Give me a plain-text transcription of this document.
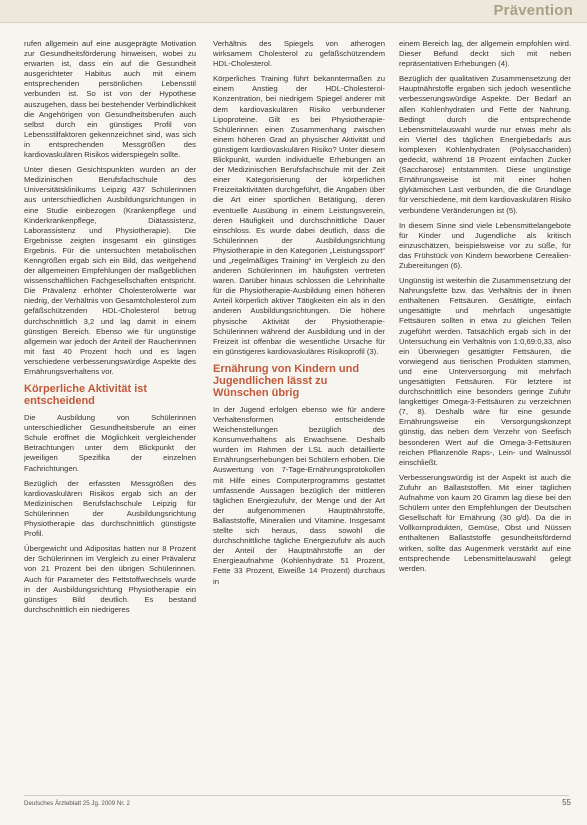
Prävention

rufen allgemein auf eine ausgeprägte Motivation zur Gesundheitsförderung hinweisen, wobei zu erwarten ist, dass ein auf die Gesundheit ausgerichteter Habitus auch mit einem entsprechenden persönlichen Lebensstil verbunden ist. So ist von der Hypothese auszugehen, dass bei bestehender Verbindlichkeit die Angehörigen von Gesundheitsberufen auch selbst durch ein günstiges Profil von Lebensstilfaktoren gekennzeichnet sind, was sich in entsprechenden Messgrößen des kardiovaskulären Risikos widerspiegeln sollte.

Unter diesen Gesichtspunkten wurden an der Medizinischen Berufsfachschule des Universitätsklinikums Leipzig 437 Schülerinnen aus unterschiedlichen Ausbildungsrichtungen in eine Studie einbezogen (Krankenpflege und Kinderkrankenpflege, Diätassistenz, Laborassistenz und Physiotherapie). Die Ergebnisse zeigten insgesamt ein günstiges Ergebnis. Für die untersuchten metabolischen Kenngrößen ergab sich ein Bild, das weitgehend der allgemeinen Empfehlungen der maßgeblichen wissenschaftlichen Fachgesellschaften entspricht. Die Prävalenz erhöhter Cholesterolwerte war niedrig, der Verhältnis von Gesamtcholesterol zum gefäßschützenden HDL-Cholesterol betrug durchschnittlich 3,2 und lag damit in einem günstigen Bereich. Ebenso wie für ungünstige allgemein war jedoch der Anteil der Raucherinnen mit fast 40 Prozent hoch und es lagen verschiedene verbesserungswürdige Aspekte des Ernährungsverhaltens vor.

Körperliche Aktivität ist entscheidend

Die Ausbildung von Schülerinnen unterschiedlicher Gesundheitsberufe an einer Schule eröffnet die Möglichkeit vergleichender Betrachtungen unter dem Blickpunkt der jeweiligen Spezifika der einzelnen Fachrichtungen.

Bezüglich der erfassten Messgrößen des kardiovaskulären Risikos ergab sich an der Medizinischen Berufsfachschule Leipzig für Schülerinnen der Ausbildungsrichtung Physiotherapie das durchschnittlich günstigste Profil.

Übergewicht und Adipositas hatten nur 8 Prozent der Schülerinnen im Vergleich zu einer Prävalenz von 21 Prozent bei den übrigen Schülerinnen. Auch für Parameter des Fettstoffwechsels wurde in der Ausbildungsrichtung Physiotherapie ein günstiges Bild deutlich. Es bestand durchschnittlich ein niedrigeres

Verhältnis des Spiegels von atherogen wirksamem Cholesterol zu gefäßschützendem HDL-Cholesterol.

Körperliches Training führt bekanntermaßen zu einem Anstieg der HDL-Cholesterol-Konzentration, bei niedrigem Spiegel anderer mit dem kardiovaskulären Risiko verbundener Lipoproteine. Gilt es bei Physiotherapie-Schülerinnen einen Zusammenhang zwischen einem höheren Grad an physischer Aktivität und günstigem kardiovaskulären Risiko? Unter diesem Blickpunkt, wurden individuelle Erhebungen an der Medizinischen Berufsfachschule mit der Zeit einer Kategorisierung der körperlichen Freizeitaktivitäten durchgeführt, die Angaben über die Art einer sportlichen Betätigung, deren eventuelle Ausübung in einem Leistungsverein, deren Häufigkeit und durchschnittliche Dauer einschloss. Es wurde dabei deutlich, dass die Schülerinnen der Ausbildungsrichtung Physiotherapie in den Kategorien „Leistungssport“ und „regelmäßiges Training“ im Vergleich zu den anderen Schülerinnen im häufigsten vertreten waren. Darüber hinaus schlossen die Lehrinhalte für die Physiotherapie-Ausbildung einen höheren Anteil körperlich aktiver Tätigkeiten ein als in den anderen Ausbildungsrichtungen. Die höhere physische Aktivität der Physiotherapie-Schülerinnen während der Ausbildung und in der Freizeit ist offenbar die wesentliche Ursache für ein günstigeres kardiovaskuläres Risikoprofil (3).

Ernährung von Kindern und Jugendlichen lässt zu Wünschen übrig

In der Jugend erfolgen ebenso wie für andere Verhaltensformen entscheidende Weichenstellungen bezüglich des Konsumverhaltens als Erwachsene. Deshalb wurden im Rahmen der LSL auch detaillierte Ernährungserhebungen bei Schülern erhoben. Die Auswertung von 7-Tage-Ernährungsprotokollen mit Hilfe eines Computerprogramms gestattet umfassende Aussagen bezüglich der mittleren täglichen Energiezufuhr, der Menge und der Art der aufgenommenen Hauptnährstoffe, Ballaststoffe, Mineralien und Vitamine. Insgesamt stellte sich heraus, dass sowohl die durchschnittliche tägliche Energiezufuhr als auch der Anteil der Hauptnährstoffe an der Energieaufnahme (Kohlenhydrate 51 Prozent, Fette 33 Prozent, Eiweiße 14 Prozent) durchaus in

einem Bereich lag, der allgemein empfohlen wird. Dieser Befund deckt sich mit neben repräsentativen Erhebungen (4).

Bezüglich der qualitativen Zusammensetzung der Hauptnährstoffe ergaben sich jedoch wesentliche verbesserungswürdige Aspekte. Der Bedarf an allen Kohlenhydraten und Fette der Nahrung. Bedingt durch die entsprechende Lebensmittelauswahl wurde nur etwas mehr als ein Viertel des täglichen Energiebedarfs aus komplexen Kohlenhydraten (Polysacchariden) gedeckt, während 18 Prozent einfachen Zucker (Saccharose) entstammten. Diese ungünstige Ernährungsweise ist mit einer hohen glykämischen Last verbunden, die die Grundlage für verschiedene, mit dem kardiovaskulären Risiko verbundene Veränderungen ist (5).

In diesem Sinne sind viele Lebensmittelangebote für Kinder und Jugendliche als kritisch einzuschätzen, beispielsweise vor zu süße, für das Frühstück von Kindern beworbene Cerealien-Zubereitungen (6).

Ungünstig ist weiterhin die Zusammensetzung der Nahrungsfette bzw. das Verhältnis der in ihnen enthaltenen Fettsäuren. Gesättigte, einfach ungesättigte und mehrfach ungesättigte Fettsäuren sollten in etwa zu gleichen Teilen zugeführt werden. Tatsächlich ergab sich in der Untersuchung ein Verhältnis von 1:0,69:0,33, also ein Überwiegen gesättigter Fettsäuren, die vorwiegend aus tierischen Produkten stammen, und eine Unterversorgung mit mehrfach ungesättigten Fettsäuren. Für letztere ist durchschnittlich eine besonders geringe Zufuhr langkettiger Omega-3-Fettsäuren zu verzeichnen (7, 8). Deshalb wäre für eine gesunde Ernährungsweise ein Versorgungskonzept günstig, das neben dem Verzehr von Seefisch besonderen Wert auf die Omega-3-Fettsäuren reichen Pflanzenöle Raps-, Lein- und Walnussöl einschließt.

Verbesserungswürdig ist der Aspekt ist auch die Zufuhr an Ballaststoffen. Mit einer täglichen Aufnahme von kaum 20 Gramm lag diese bei den Schülern unter den Empfehlungen der Deutschen Gesellschaft für Ernährung (30 g/d). Da die in Vollkornprodukten, Gemüse, Obst und Nüssen enthaltenen Ballaststoffe gesundheitsfördernd wirken, sollte das Augenmerk verstärkt auf eine entsprechende Lebensmittelauswahl gelegt werden.

Deutsches Ärzteblatt 25 Jg. 2009 Nr. 2	55
